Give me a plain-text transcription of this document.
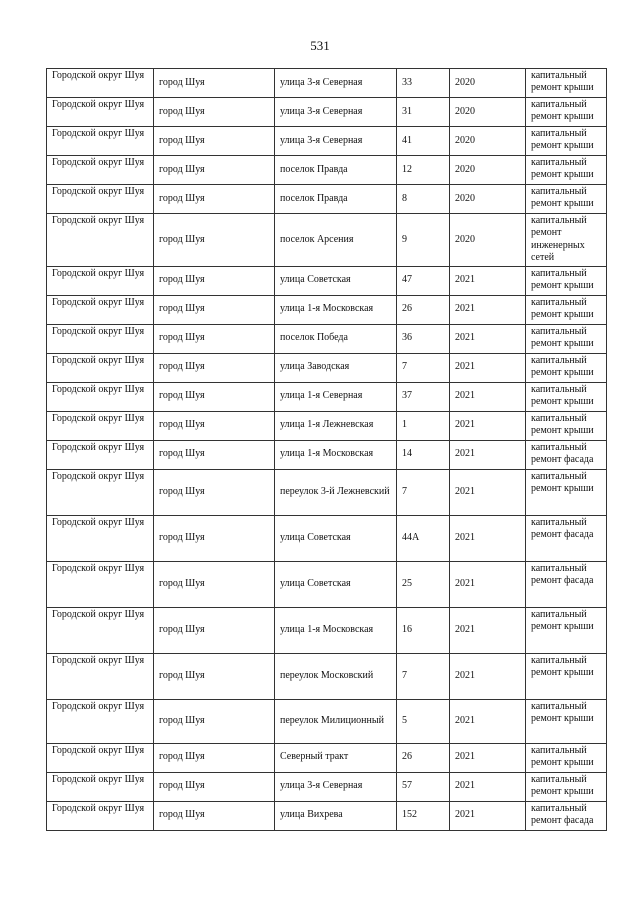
531
Городской округ Шуя	город Шуя	улица 3-я Северная	33	2020	капитальный ремонт крыши
Городской округ Шуя	город Шуя	улица 3-я Северная	31	2020	капитальный ремонт крыши
Городской округ Шуя	город Шуя	улица 3-я Северная	41	2020	капитальный ремонт крыши
Городской округ Шуя	город Шуя	поселок Правда	12	2020	капитальный ремонт крыши
Городской округ Шуя	город Шуя	поселок Правда	8	2020	капитальный ремонт крыши
Городской округ Шуя	город Шуя	поселок Арсения	9	2020	капитальный ремонт инженерных сетей
Городской округ Шуя	город Шуя	улица Советская	47	2021	капитальный ремонт крыши
Городской округ Шуя	город Шуя	улица 1-я Московская	26	2021	капитальный ремонт крыши
Городской округ Шуя	город Шуя	поселок Победа	36	2021	капитальный ремонт крыши
Городской округ Шуя	город Шуя	улица Заводская	7	2021	капитальный ремонт крыши
Городской округ Шуя	город Шуя	улица 1-я Северная	37	2021	капитальный ремонт крыши
Городской округ Шуя	город Шуя	улица 1-я Лежневская	1	2021	капитальный ремонт крыши
Городской округ Шуя	город Шуя	улица 1-я Московская	14	2021	капитальный ремонт фасада
Городской округ Шуя	город Шуя	переулок 3-й Лежневский	7	2021	капитальный ремонт крыши
Городской округ Шуя	город Шуя	улица Советская	44А	2021	капитальный ремонт фасада
Городской округ Шуя	город Шуя	улица Советская	25	2021	капитальный ремонт фасада
Городской округ Шуя	город Шуя	улица 1-я Московская	16	2021	капитальный ремонт крыши
Городской округ Шуя	город Шуя	переулок Московский	7	2021	капитальный ремонт крыши
Городской округ Шуя	город Шуя	переулок Милиционный	5	2021	капитальный ремонт крыши
Городской округ Шуя	город Шуя	Северный тракт	26	2021	капитальный ремонт крыши
Городской округ Шуя	город Шуя	улица 3-я Северная	57	2021	капитальный ремонт крыши
Городской округ Шуя	город Шуя	улица Вихрева	152	2021	капитальный ремонт фасада
